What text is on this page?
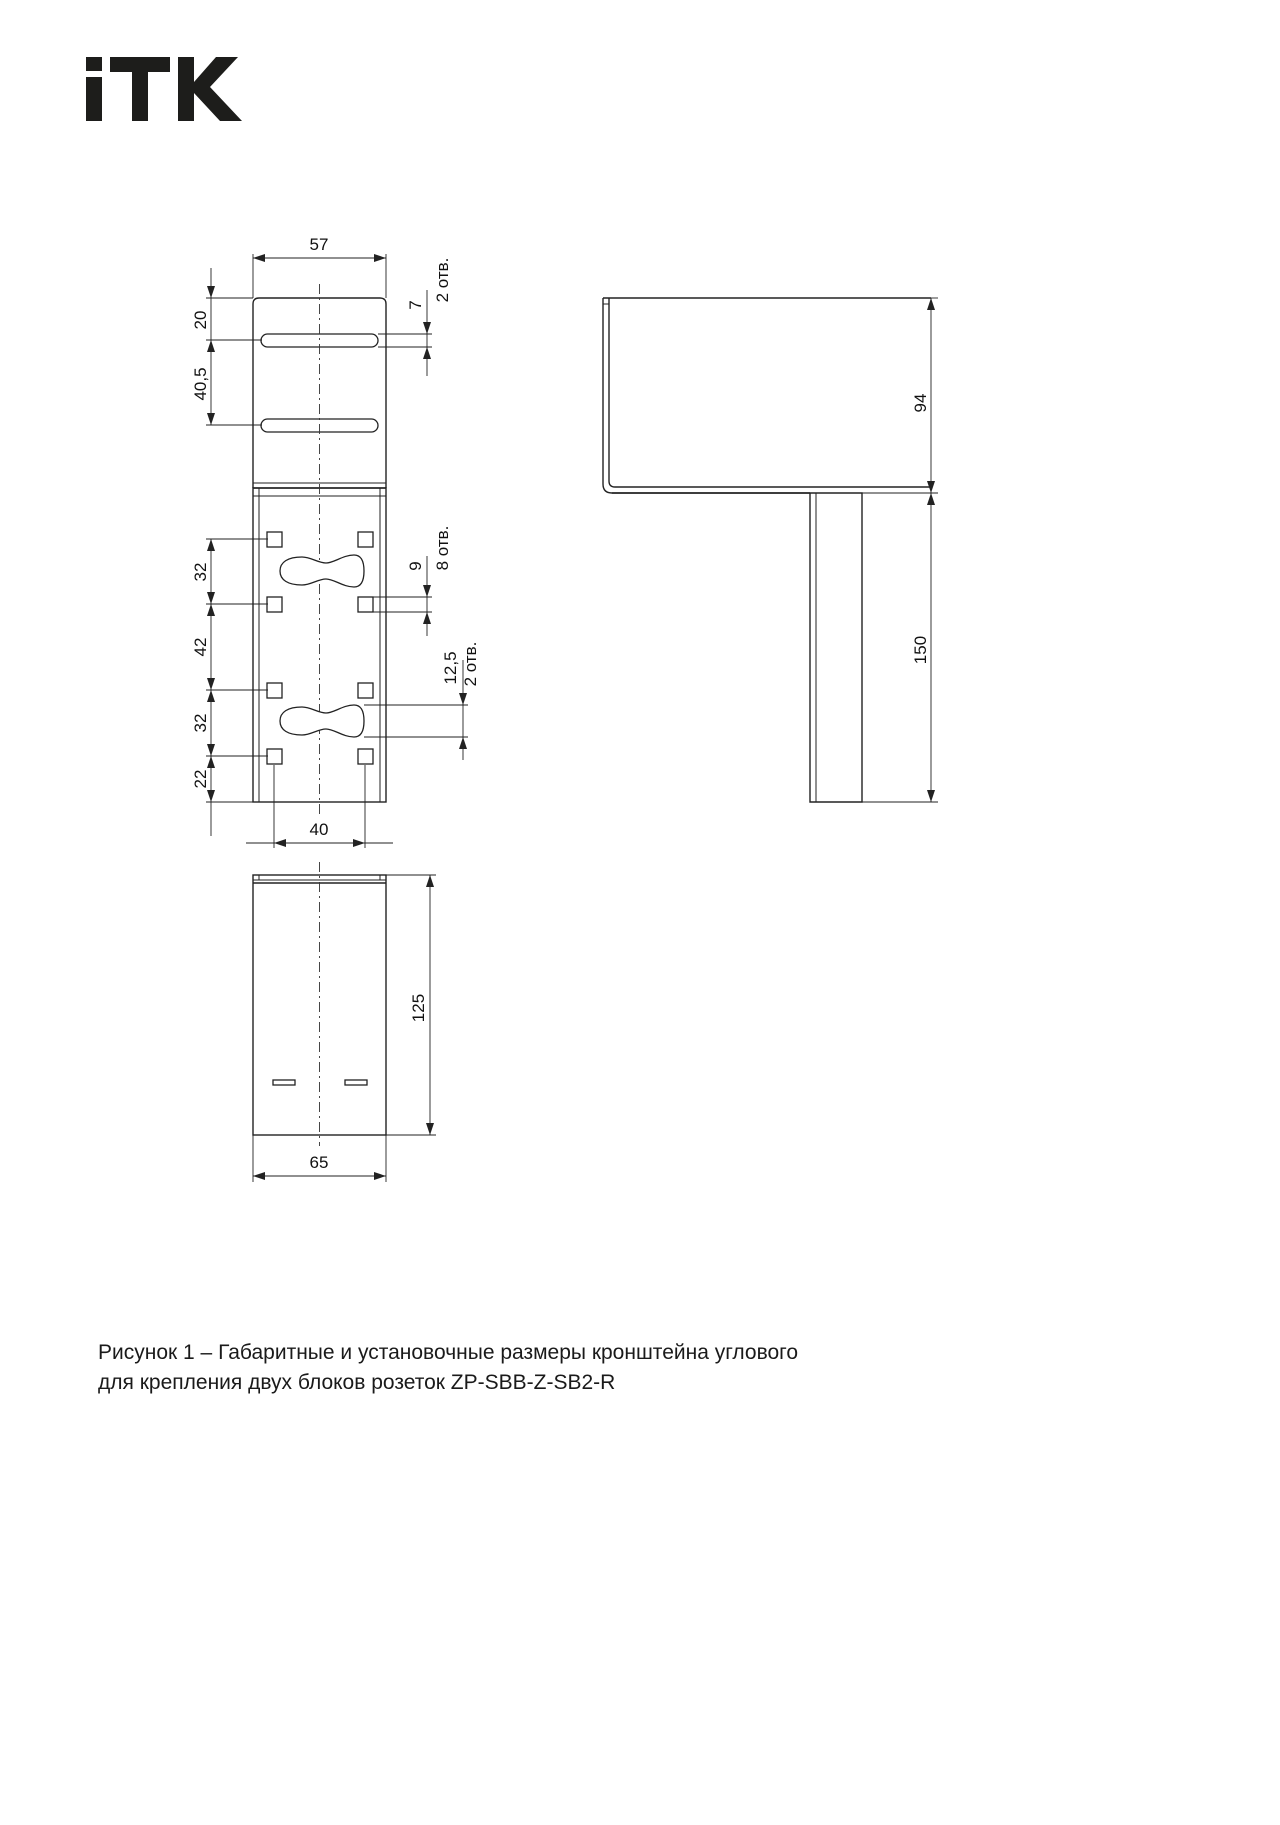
57
20
40,5
7
2 отв.
32
42
32
22
9 8 отв.
12,5 2 отв.
40
94
150
125
65
Рисунок 1 – Габаритные и установочные размеры кронштейна углового
для крепления двух блоков розеток ZP-SBB-Z-SB2-R
